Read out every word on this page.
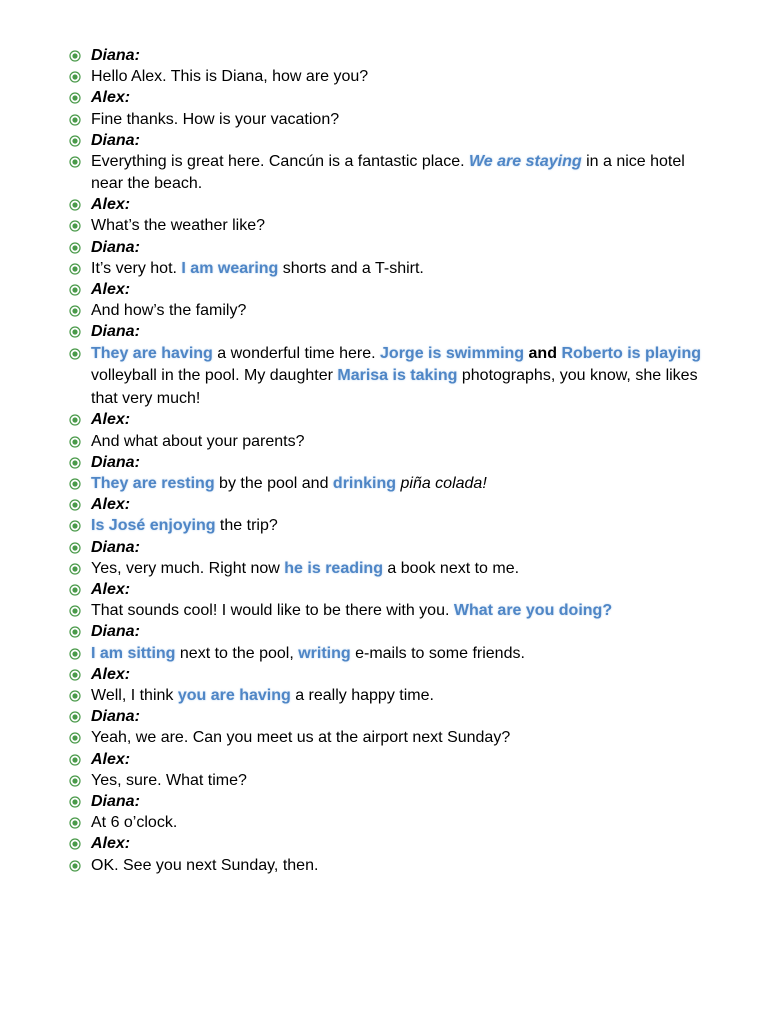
Diana:
Hello Alex. This is Diana, how are you?
Alex:
Fine thanks. How is your vacation?
Diana:
Everything is great here. Cancún is a fantastic place. We are staying in a nice hotel near the beach.
Alex:
What’s the weather like?
Diana:
It’s very hot. I am wearing shorts and a T-shirt.
Alex:
And how’s the family?
Diana:
They are having a wonderful time here. Jorge is swimming and Roberto is playing volleyball in the pool. My daughter Marisa is taking photographs, you know, she likes that very much!
Alex:
And what about your parents?
Diana:
They are resting by the pool and drinking piña colada!
Alex:
Is José enjoying the trip?
Diana:
Yes, very much. Right now he is reading a book next to me.
Alex:
That sounds cool! I would like to be there with you. What are you doing?
Diana:
I am sitting next to the pool, writing e-mails to some friends.
Alex:
Well, I think you are having a really happy time.
Diana:
Yeah, we are. Can you meet us at the airport next Sunday?
Alex:
Yes, sure. What time?
Diana:
At 6 o’clock.
Alex:
OK. See you next Sunday, then.
